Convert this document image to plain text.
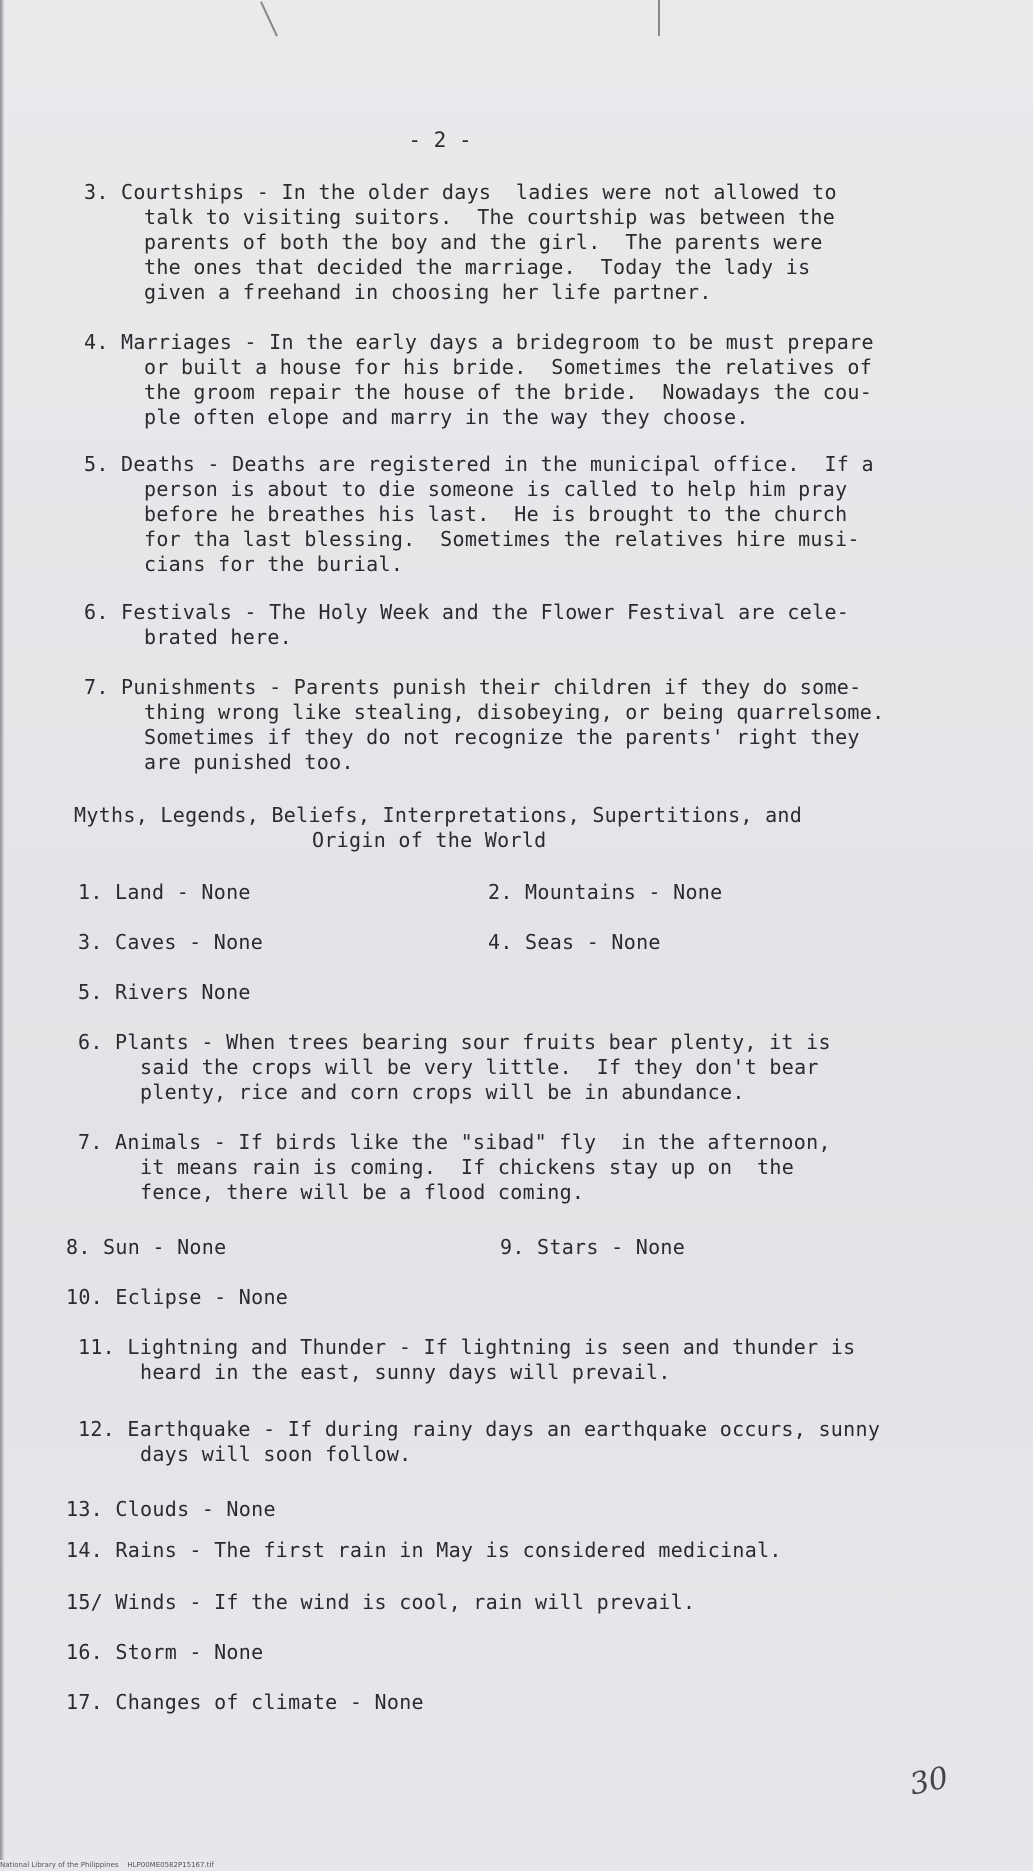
- 2 -
3. Courtships - In the older days  ladies were not allowed to
talk to visiting suitors.  The courtship was between the
parents of both the boy and the girl.  The parents were
the ones that decided the marriage.  Today the lady is
given a freehand in choosing her life partner.
4. Marriages - In the early days a bridegroom to be must prepare
or built a house for his bride.  Sometimes the relatives of
the groom repair the house of the bride.  Nowadays the cou-
ple often elope and marry in the way they choose.
5. Deaths - Deaths are registered in the municipal office.  If a
person is about to die someone is called to help him pray
before he breathes his last.  He is brought to the church
for tha last blessing.  Sometimes the relatives hire musi-
cians for the burial.
6. Festivals - The Holy Week and the Flower Festival are cele-
brated here.
7. Punishments - Parents punish their children if they do some-
thing wrong like stealing, disobeying, or being quarrelsome.
Sometimes if they do not recognize the parents' right they
are punished too.
Myths, Legends, Beliefs, Interpretations, Supertitions, and
Origin of the World
1. Land - None	2. Mountains - None
3. Caves - None	4. Seas - None
5. Rivers None
6. Plants - When trees bearing sour fruits bear plenty, it is
said the crops will be very little.  If they don't bear
plenty, rice and corn crops will be in abundance.
7. Animals - If birds like the "sibad" fly  in the afternoon,
it means rain is coming.  If chickens stay up on  the
fence, there will be a flood coming.
8. Sun - None	9. Stars - None
10. Eclipse - None
11. Lightning and Thunder - If lightning is seen and thunder is
heard in the east, sunny days will prevail.
12. Earthquake - If during rainy days an earthquake occurs, sunny
days will soon follow.
13. Clouds - None
14. Rains - The first rain in May is considered medicinal.
15/ Winds - If the wind is cool, rain will prevail.
16. Storm - None
17. Changes of climate - None
30
National Library of the Philippines    HLP00ME0582P15167.tif
